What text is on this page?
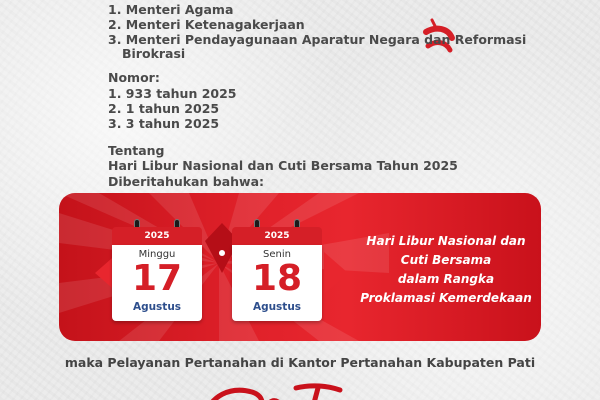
1. Menteri Agama
2. Menteri Ketenagakerjaan
3. Menteri Pendayagunaan Aparatur Negara dan Reformasi
Birokrasi
Nomor:
1. 933 tahun 2025
2. 1 tahun 2025
3. 3 tahun 2025
Tentang
Hari Libur Nasional dan Cuti Bersama Tahun 2025
Diberitahukan bahwa:
2025
Minggu
17
Agustus
2025
Senin
18
Agustus
Hari Libur Nasional dan
Cuti Bersama
dalam Rangka
Proklamasi Kemerdekaan
maka Pelayanan Pertanahan di Kantor Pertanahan Kabupaten Pati
